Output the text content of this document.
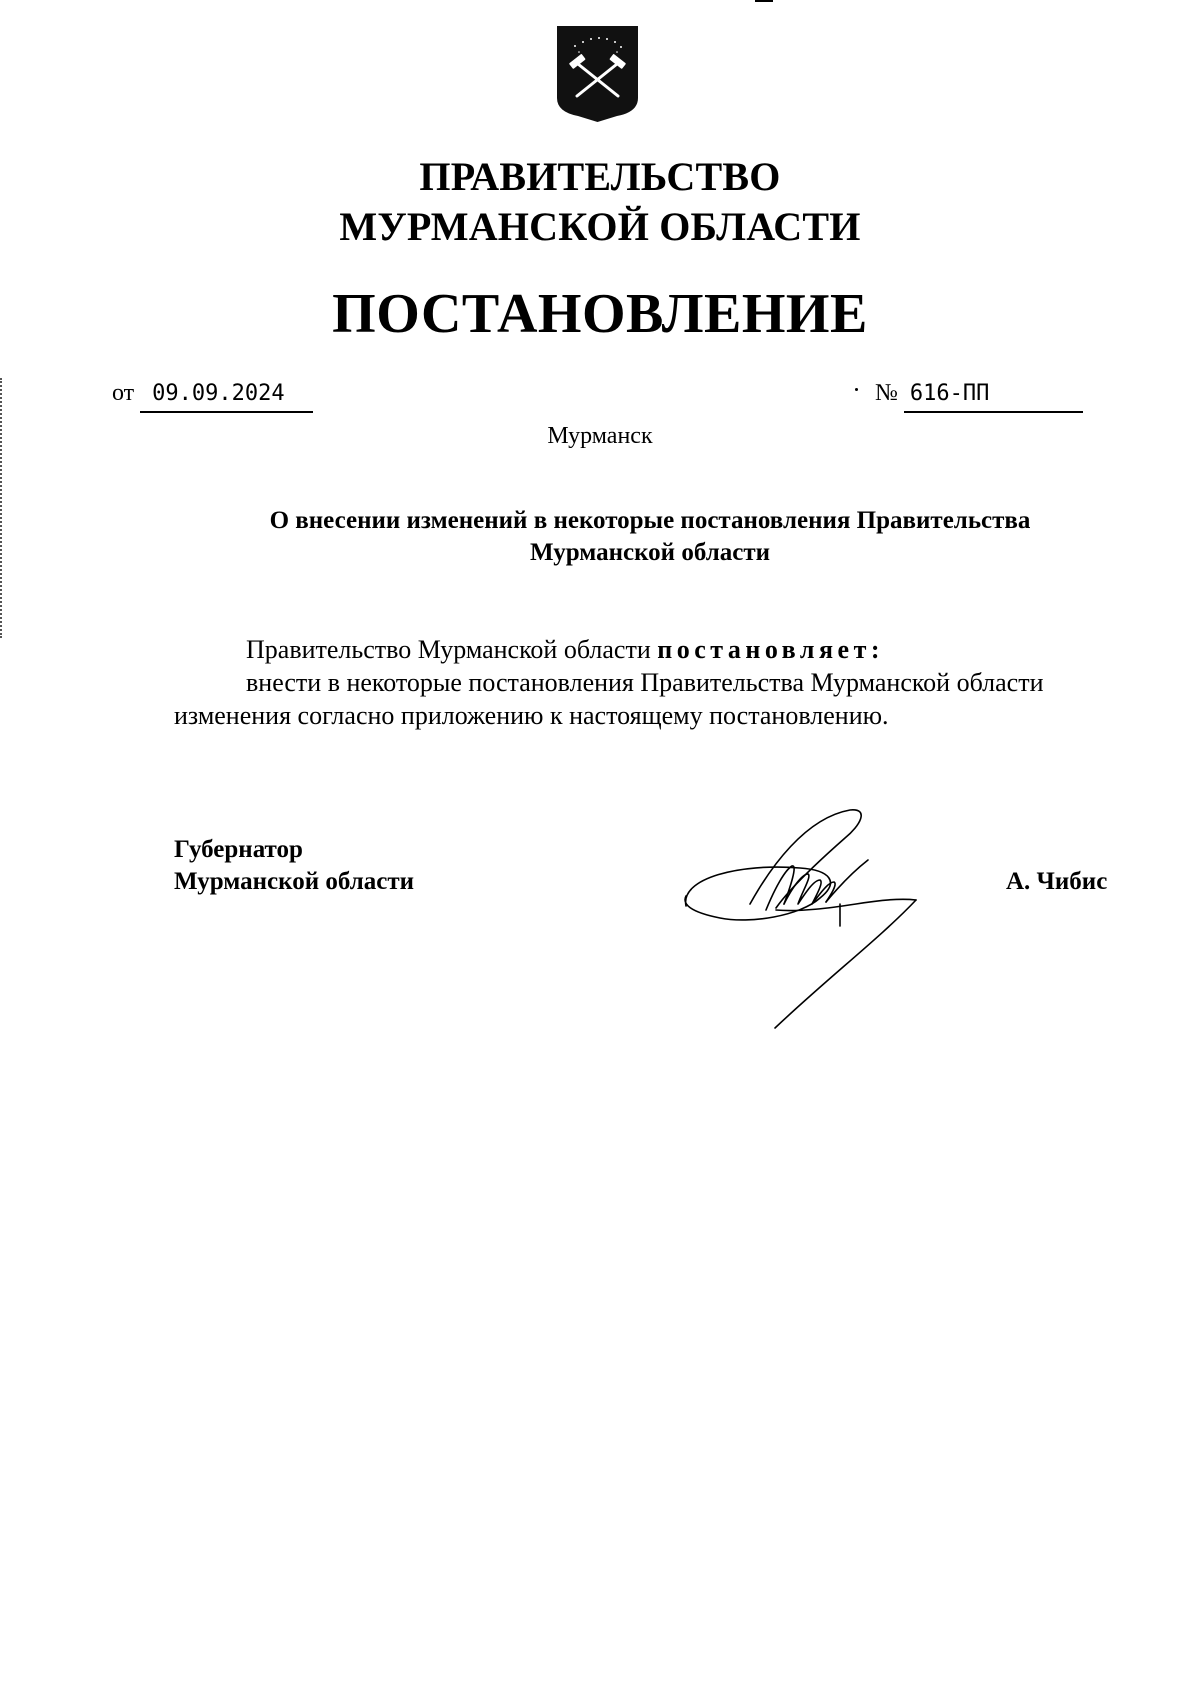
ПРАВИТЕЛЬСТВО
МУРМАНСКОЙ ОБЛАСТИ
ПОСТАНОВЛЕНИЕ
от 09.09.2024	№ 616-ПП
Мурманск
О внесении изменений в некоторые постановления Правительства
Мурманской области
Правительство Мурманской области постановляет:
внести в некоторые постановления Правительства Мурманской области
изменения согласно приложению к настоящему постановлению.
Губернатор
Мурманской области	А. Чибис
